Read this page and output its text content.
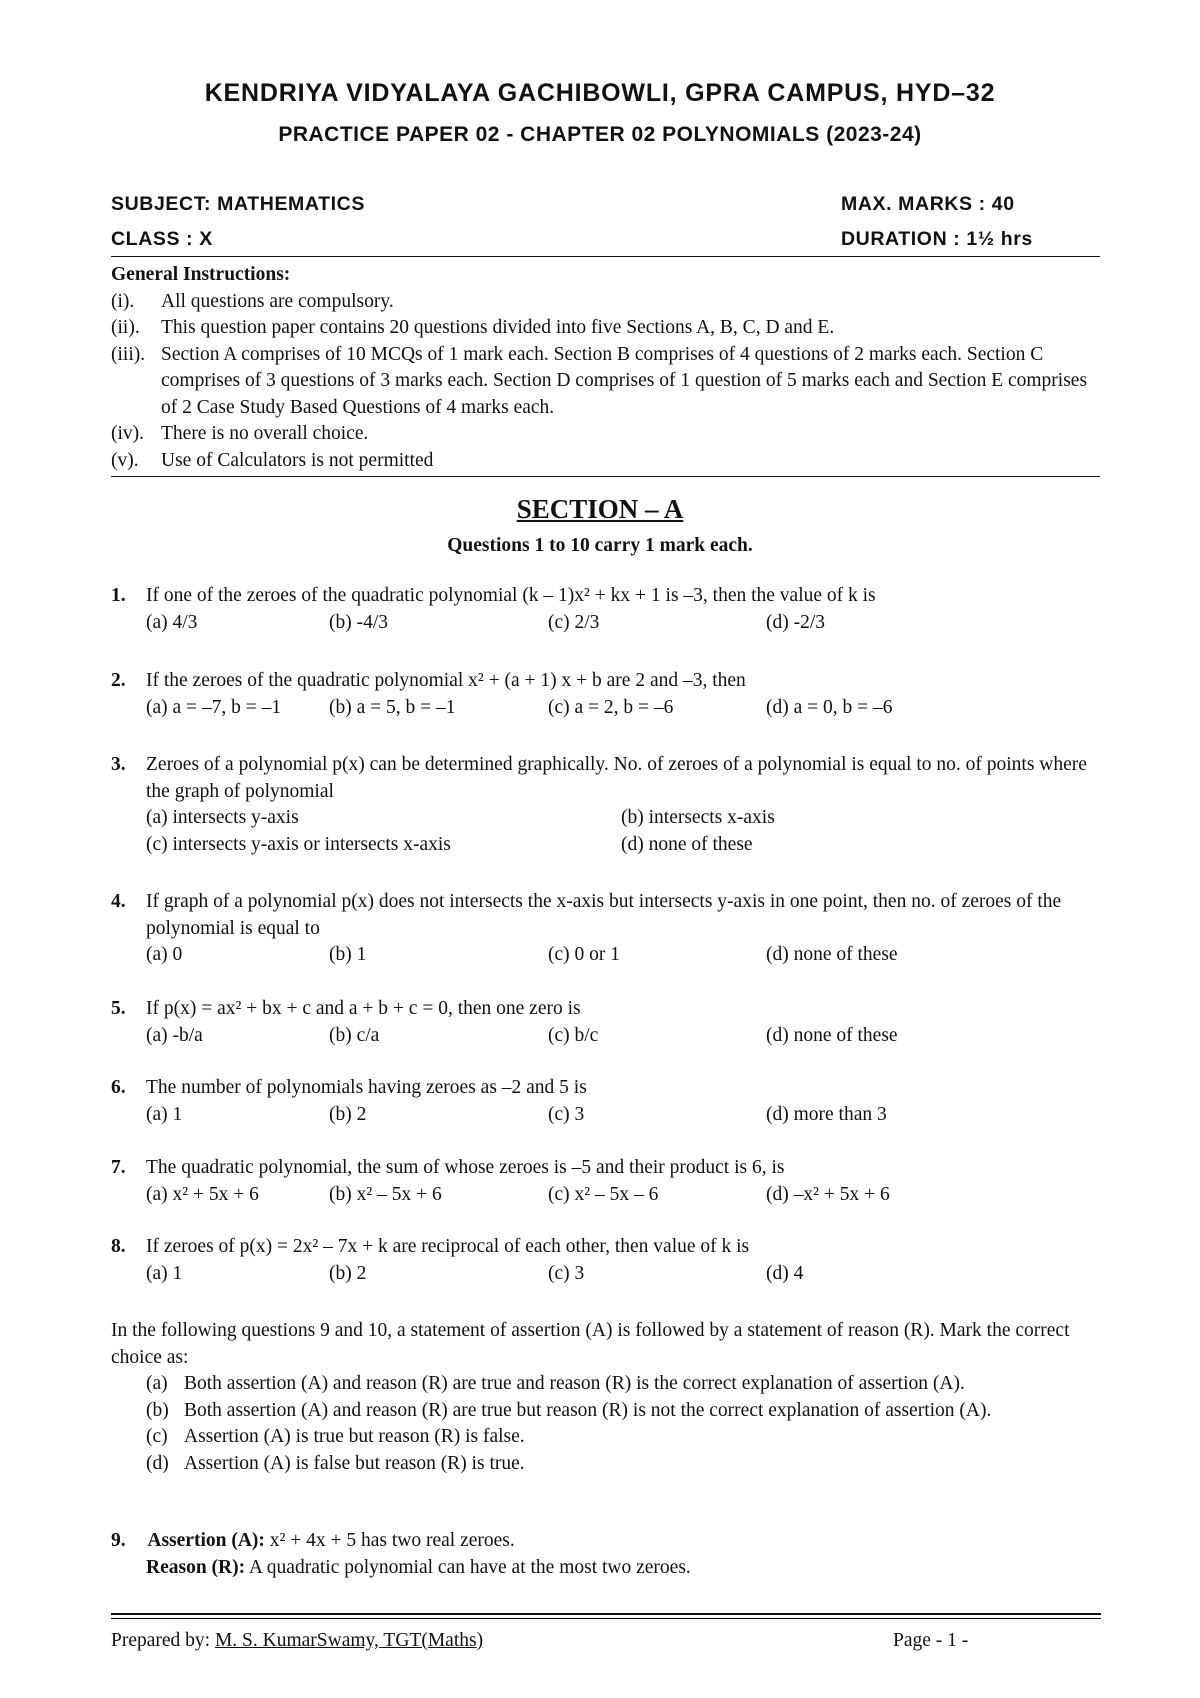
KENDRIYA VIDYALAYA GACHIBOWLI, GPRA CAMPUS, HYD–32
PRACTICE PAPER 02 - CHAPTER 02 POLYNOMIALS (2023-24)
SUBJECT: MATHEMATICS	MAX. MARKS : 40
CLASS : X	DURATION : 1½ hrs
General Instructions:
(i).	All questions are compulsory.
(ii).	This question paper contains 20 questions divided into five Sections A, B, C, D and E.
(iii). Section A comprises of 10 MCQs of 1 mark each. Section B comprises of 4 questions of 2 marks each. Section C comprises of 3 questions of 3 marks each. Section D comprises of 1 question of 5 marks each and Section E comprises of 2 Case Study Based Questions of 4 marks each.
(iv). There is no overall choice.
(v).	Use of Calculators is not permitted
SECTION – A
Questions 1 to 10 carry 1 mark each.
1. If one of the zeroes of the quadratic polynomial (k – 1)x² + kx + 1 is –3, then the value of k is
(a) 4/3	(b) -4/3	(c) 2/3	(d) -2/3
2. If the zeroes of the quadratic polynomial x² + (a + 1) x + b are 2 and –3, then
(a) a = –7, b = –1 (b) a = 5, b = –1	(c) a = 2, b = –6	(d) a = 0, b = –6
3. Zeroes of a polynomial p(x) can be determined graphically. No. of zeroes of a polynomial is equal to no. of points where the graph of polynomial
(a) intersects y-axis	(b) intersects x-axis
(c) intersects y-axis or intersects x-axis	(d) none of these
4. If graph of a polynomial p(x) does not intersects the x-axis but intersects y-axis in one point, then no. of zeroes of the polynomial is equal to
(a) 0	(b) 1	(c) 0 or 1	(d) none of these
5. If p(x) = ax² + bx + c and a + b + c = 0, then one zero is
(a) -b/a	(b) c/a	(c) b/c	(d) none of these
6. The number of polynomials having zeroes as –2 and 5 is
(a) 1	(b) 2	(c) 3	(d) more than 3
7. The quadratic polynomial, the sum of whose zeroes is –5 and their product is 6, is
(a) x² + 5x + 6	(b) x² – 5x + 6	(c) x² – 5x – 6	(d) –x² + 5x + 6
8. If zeroes of p(x) = 2x² – 7x + k are reciprocal of each other, then value of k is
(a) 1	(b) 2	(c) 3	(d) 4
In the following questions 9 and 10, a statement of assertion (A) is followed by a statement of reason (R). Mark the correct choice as:
(a) Both assertion (A) and reason (R) are true and reason (R) is the correct explanation of assertion (A).
(b) Both assertion (A) and reason (R) are true but reason (R) is not the correct explanation of assertion (A).
(c) Assertion (A) is true but reason (R) is false.
(d) Assertion (A) is false but reason (R) is true.
9. Assertion (A): x² + 4x + 5 has two real zeroes.
Reason (R): A quadratic polynomial can have at the most two zeroes.
Prepared by: M. S. KumarSwamy, TGT(Maths)	Page - 1 -
